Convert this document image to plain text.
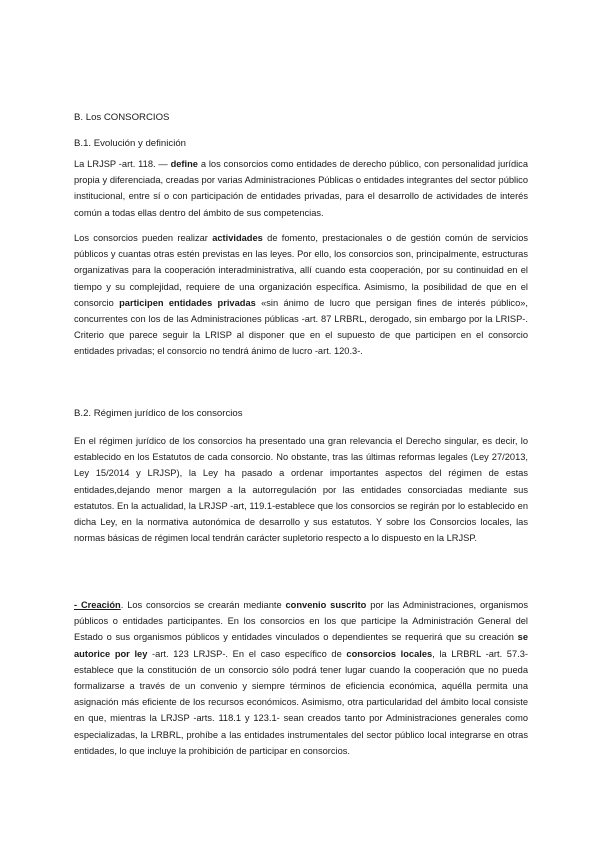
B. Los CONSORCIOS
B.1. Evolución y definición

La LRJSP -art. 118. — define a los consorcios como entidades de derecho público, con personalidad jurídica propia y diferenciada, creadas por varias Administraciones Públicas o entidades integrantes del sector público institucional, entre sí o con participación de entidades privadas, para el desarrollo de actividades de interés común a todas ellas dentro del ámbito de sus competencias.

Los consorcios pueden realizar actividades de fomento, prestacionales o de gestión común de servicios públicos y cuantas otras estén previstas en las leyes. Por ello, los consorcios son, principalmente, estructuras organizativas para la cooperación interadministrativa, allí cuando esta cooperación, por su continuidad en el tiempo y su complejidad, requiere de una organización específica. Asimismo, la posibilidad de que en el consorcio participen entidades privadas «sin ánimo de lucro que persigan fines de interés público», concurrentes con los de las Administraciones públicas -art. 87 LRBRL, derogado, sin embargo por la LRISP-. Criterio que parece seguir la LRISP al disponer que en el supuesto de que participen en el consorcio entidades privadas; el consorcio no tendrá ánimo de lucro -art. 120.3-.

B.2. Régimen jurídico de los consorcios

En el régimen jurídico de los consorcios ha presentado una gran relevancia el Derecho singular, es decir, lo establecido en los Estatutos de cada consorcio. No obstante, tras las últimas reformas legales (Ley 27/2013, Ley 15/2014 y LRJSP), la Ley ha pasado a ordenar importantes aspectos del régimen de estas entidades,dejando menor margen a la autorregulación por las entidades consorciadas mediante sus estatutos. En la actualidad, la LRJSP -art, 119.1-establece que los consorcios se regirán por lo establecido en dicha Ley, en la normativa autonómica de desarrollo y sus estatutos. Y sobre los Consorcios locales, las normas básicas de régimen local tendrán carácter supletorio respecto a lo dispuesto en la LRJSP.

- Creación. Los consorcios se crearán mediante convenio suscrito por las Administraciones, organismos públicos o entidades participantes. En los consorcios en los que participe la Administración General del Estado o sus organismos públicos y entidades vinculados o dependientes se requerirá que su creación se autorice por ley -art. 123 LRJSP-. En el caso específico de consorcios locales, la LRBRL -art. 57.3- establece que la constitución de un consorcio sólo podrá tener lugar cuando la cooperación que no pueda formalizarse a través de un convenio y siempre términos de eficiencia económica, aquélla permita una asignación más eficiente de los recursos económicos. Asimismo, otra particularidad del ámbito local consiste en que, mientras la LRJSP -arts. 118.1 y 123.1- sean creados tanto por Administraciones generales como especializadas, la LRBRL, prohíbe a las entidades instrumentales del sector público local integrarse en otras entidades, lo que incluye la prohibición de participar en consorcios.
